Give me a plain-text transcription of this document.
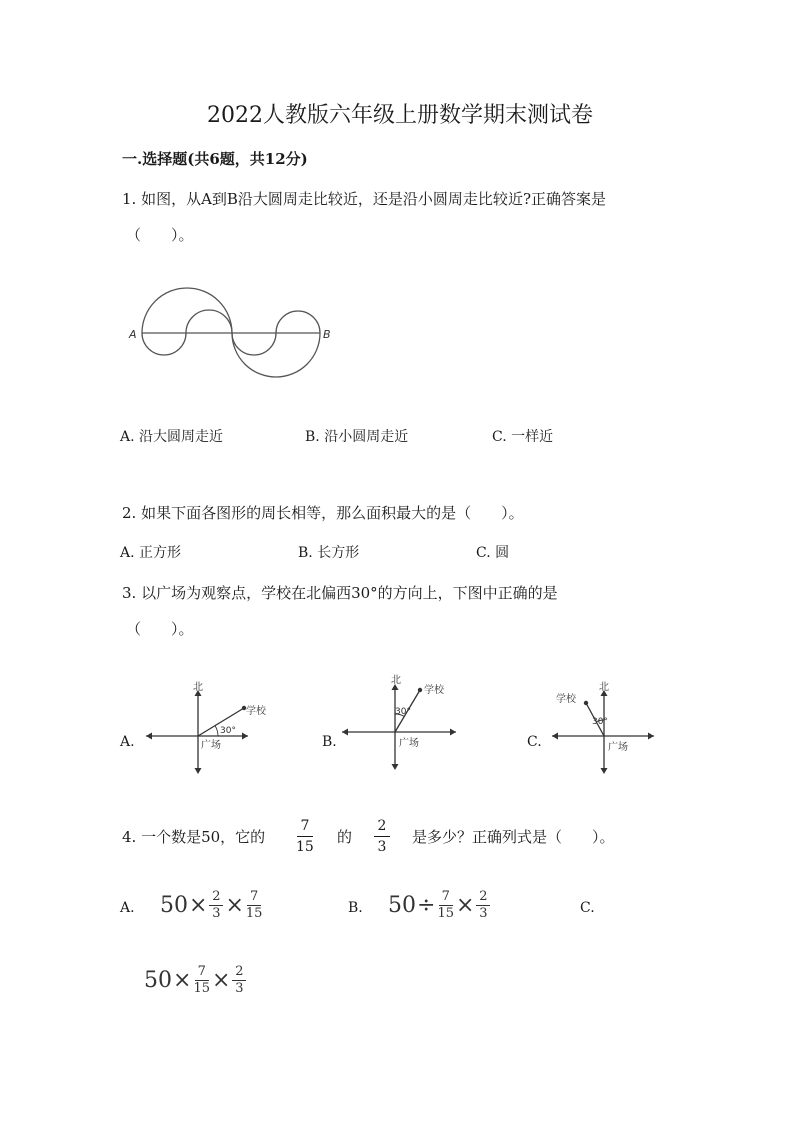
2022人教版六年级上册数学期末测试卷
一.选择题(共6题，共12分)
1. 如图，从A到B沿大圆周走比较近，还是沿小圆周走比较近?正确答案是
（　　）。
A	B
A. 沿大圆周走近	B. 沿小圆周走近	C. 一样近
2. 如果下面各图形的周长相等，那么面积最大的是（　　）。
A. 正方形	B. 长方形	C. 圆
3. 以广场为观察点，学校在北偏西30°的方向上，下图中正确的是
（　　）。
A.	B.	C.
北
学校
30°
广场
北
学校
30°
广场
北
学校
30°
广场
4. 一个数是50，它的
7
15
的
2
3
是多少？正确列式是（　　）。
A. 50 × 2
3 × 7
15	B. 50 ÷ 7
15 × 2
3	C.
50 × 7
15 × 2
3
